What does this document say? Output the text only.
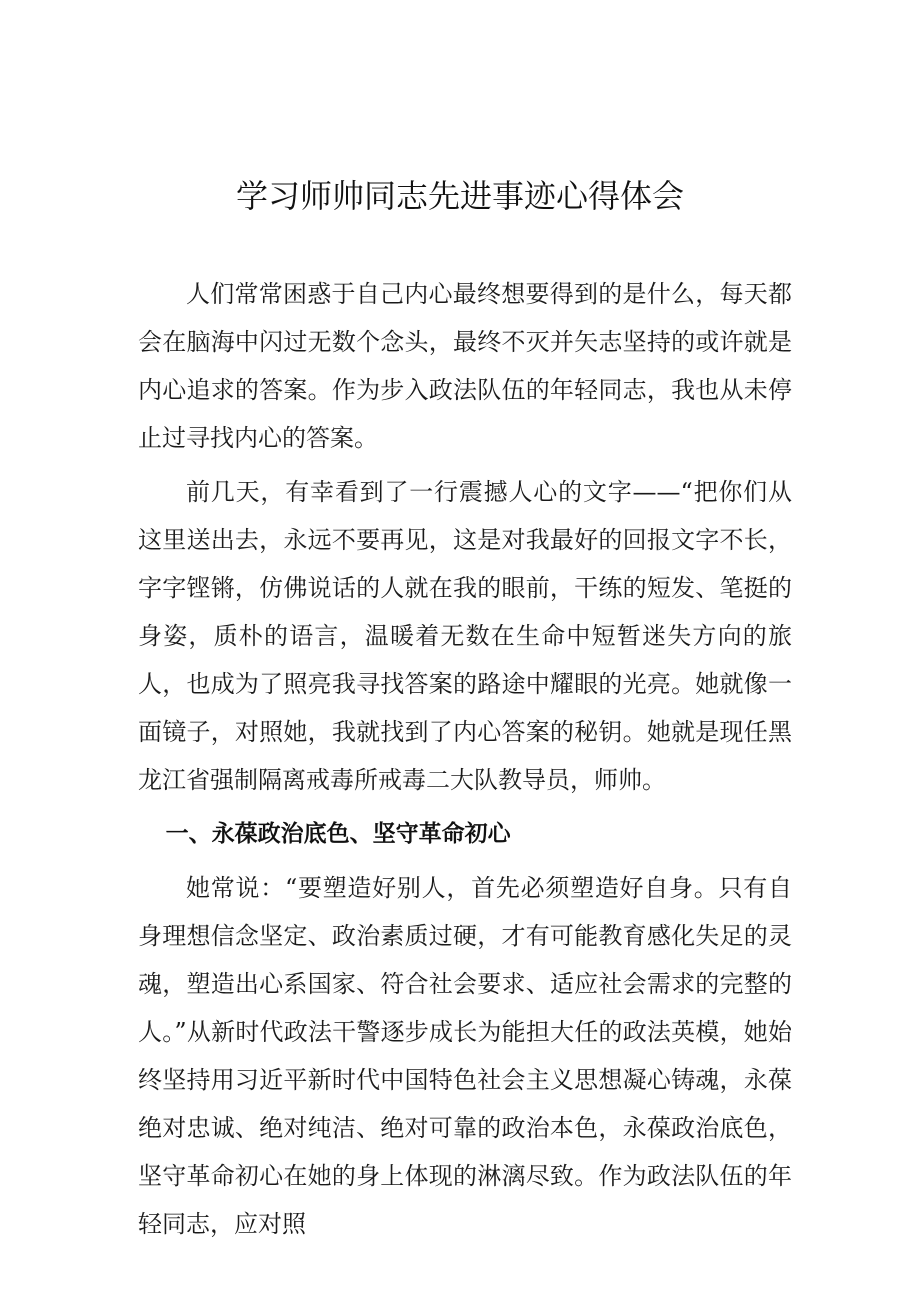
学习师帅同志先进事迹心得体会

人们常常困惑于自己内心最终想要得到的是什么，每天都会在脑海中闪过无数个念头，最终不灭并矢志坚持的或许就是内心追求的答案。作为步入政法队伍的年轻同志，我也从未停止过寻找内心的答案。

前几天，有幸看到了一行震撼人心的文字——“把你们从这里送出去，永远不要再见，这是对我最好的回报文字不长，字字铿锵，仿佛说话的人就在我的眼前，干练的短发、笔挺的身姿，质朴的语言，温暖着无数在生命中短暂迷失方向的旅人，也成为了照亮我寻找答案的路途中耀眼的光亮。她就像一面镜子，对照她，我就找到了内心答案的秘钥。她就是现任黑龙江省强制隔离戒毒所戒毒二大队教导员，师帅。

一、永葆政治底色、坚守革命初心

她常说：“要塑造好别人，首先必须塑造好自身。只有自身理想信念坚定、政治素质过硬，才有可能教育感化失足的灵魂，塑造出心系国家、符合社会要求、适应社会需求的完整的人。”从新时代政法干警逐步成长为能担大任的政法英模，她始终坚持用习近平新时代中国特色社会主义思想凝心铸魂，永葆绝对忠诚、绝对纯洁、绝对可靠的政治本色，永葆政治底色，坚守革命初心在她的身上体现的淋漓尽致。作为政法队伍的年轻同志，应对照
